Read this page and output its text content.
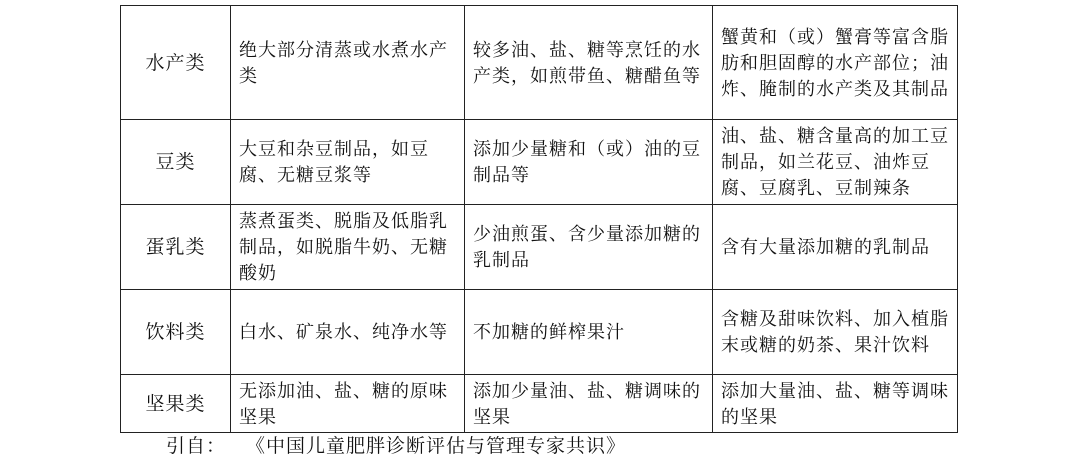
水产类	绝大部分清蒸或水煮水产类	较多油、盐、糖等烹饪的水产类，如煎带鱼、糖醋鱼等	蟹黄和（或）蟹膏等富含脂肪和胆固醇的水产部位；油炸、腌制的水产类及其制品
豆类	大豆和杂豆制品，如豆腐、无糖豆浆等	添加少量糖和（或）油的豆制品等	油、盐、糖含量高的加工豆制品，如兰花豆、油炸豆腐、豆腐乳、豆制辣条
蛋乳类	蒸煮蛋类、脱脂及低脂乳制品，如脱脂牛奶、无糖酸奶	少油煎蛋、含少量添加糖的乳制品	含有大量添加糖的乳制品
饮料类	白水、矿泉水、纯净水等	不加糖的鲜榨果汁	含糖及甜味饮料、加入植脂末或糖的奶茶、果汁饮料
坚果类	无添加油、盐、糖的原味坚果	添加少量油、盐、糖调味的坚果	添加大量油、盐、糖等调味的坚果
引自： 《中国儿童肥胖诊断评估与管理专家共识》
